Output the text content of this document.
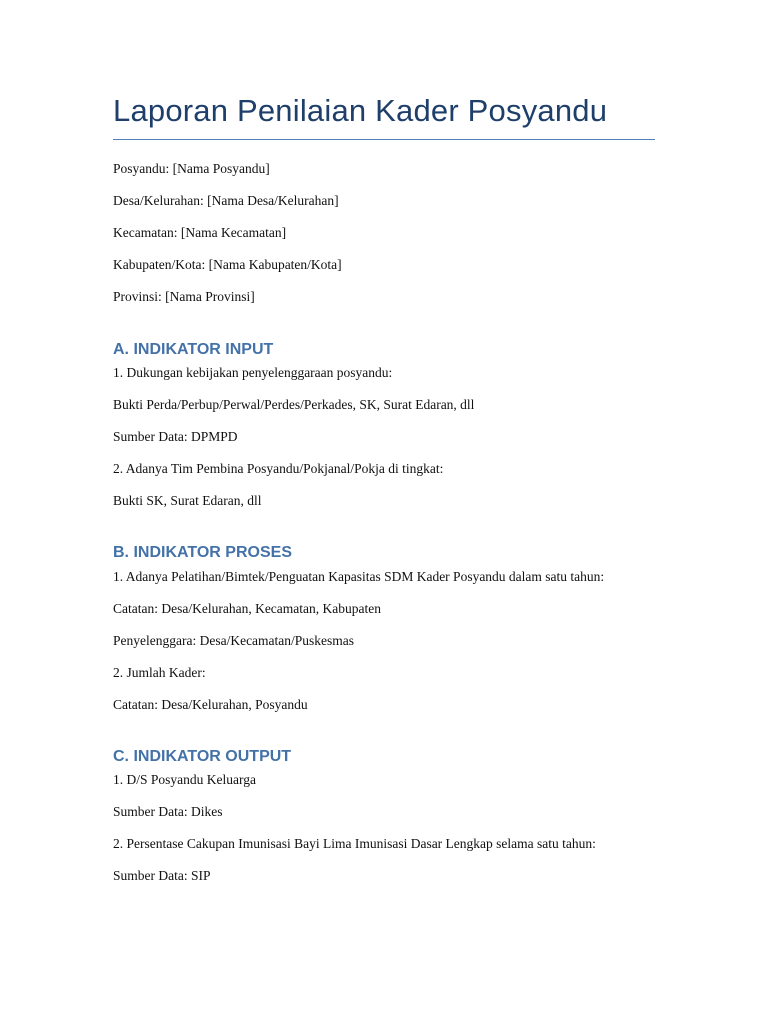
Laporan Penilaian Kader Posyandu

Posyandu: [Nama Posyandu]

Desa/Kelurahan: [Nama Desa/Kelurahan]

Kecamatan: [Nama Kecamatan]

Kabupaten/Kota: [Nama Kabupaten/Kota]

Provinsi: [Nama Provinsi]

A. INDIKATOR INPUT

1. Dukungan kebijakan penyelenggaraan posyandu:

Bukti Perda/Perbup/Perwal/Perdes/Perkades, SK, Surat Edaran, dll

Sumber Data: DPMPD

2. Adanya Tim Pembina Posyandu/Pokjanal/Pokja di tingkat:

Bukti SK, Surat Edaran, dll

B. INDIKATOR PROSES

1. Adanya Pelatihan/Bimtek/Penguatan Kapasitas SDM Kader Posyandu dalam satu tahun:

Catatan: Desa/Kelurahan, Kecamatan, Kabupaten

Penyelenggara: Desa/Kecamatan/Puskesmas

2. Jumlah Kader:

Catatan: Desa/Kelurahan, Posyandu

C. INDIKATOR OUTPUT

1. D/S Posyandu Keluarga

Sumber Data: Dikes

2. Persentase Cakupan Imunisasi Bayi Lima Imunisasi Dasar Lengkap selama satu tahun:

Sumber Data: SIP
